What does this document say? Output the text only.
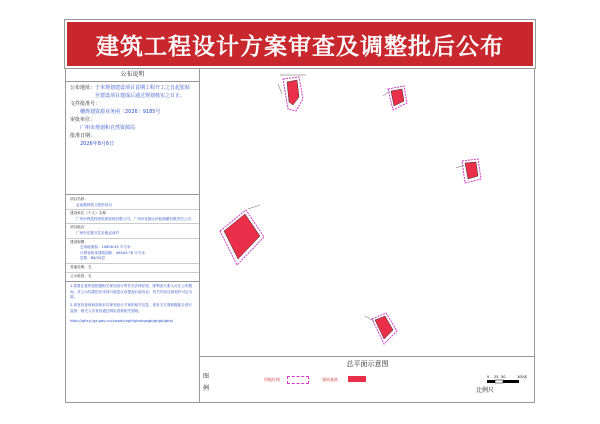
建筑工程设计方案审查及调整批后公布
公布说明
公布地址： 于本规划建设项目首期工程开工之日起张贴至建设项目建成后通过规划核实之日止。
文件批准号：
穗规划资源业务函〔2026〕9185号
审批单位：
广州市规划和自然资源局
批准日期：
2026年8月6日
项目名称：
孟前黎林铁文旅馆项目
建设单位（个人）名称：
广州市利盈投资旅游管理有限公司，广州市花都区孙轮储蓄有限责任公司
项目地点：
广州市花都区炭步镇孟前村
建设规模：
总用地面积：10806.45 平方米
计算容积率建筑面积：46543.78 平方米
层数：B6/20层
其他说明：无
公示原因：无
1.需要注意的是根据相关规划设计等有关法律法规，即利害关系人可在公布期间，对公示结果依法申请行政复议或提起行政诉讼，有关内容以规划许可证为准。
2.请有权查询和获取本次规划设计方案的相关信息，请有关方面积极配合进行监督；相关人员有权通过网站查看相关图纸。
http://ghzyj.gz.gov.cn/ywpd/cxgh/ghxkgsgb/ghgb/gbh/
总平面示意图
图
例
用地红线	建筑基底	0 25 50	100米
比例尺
